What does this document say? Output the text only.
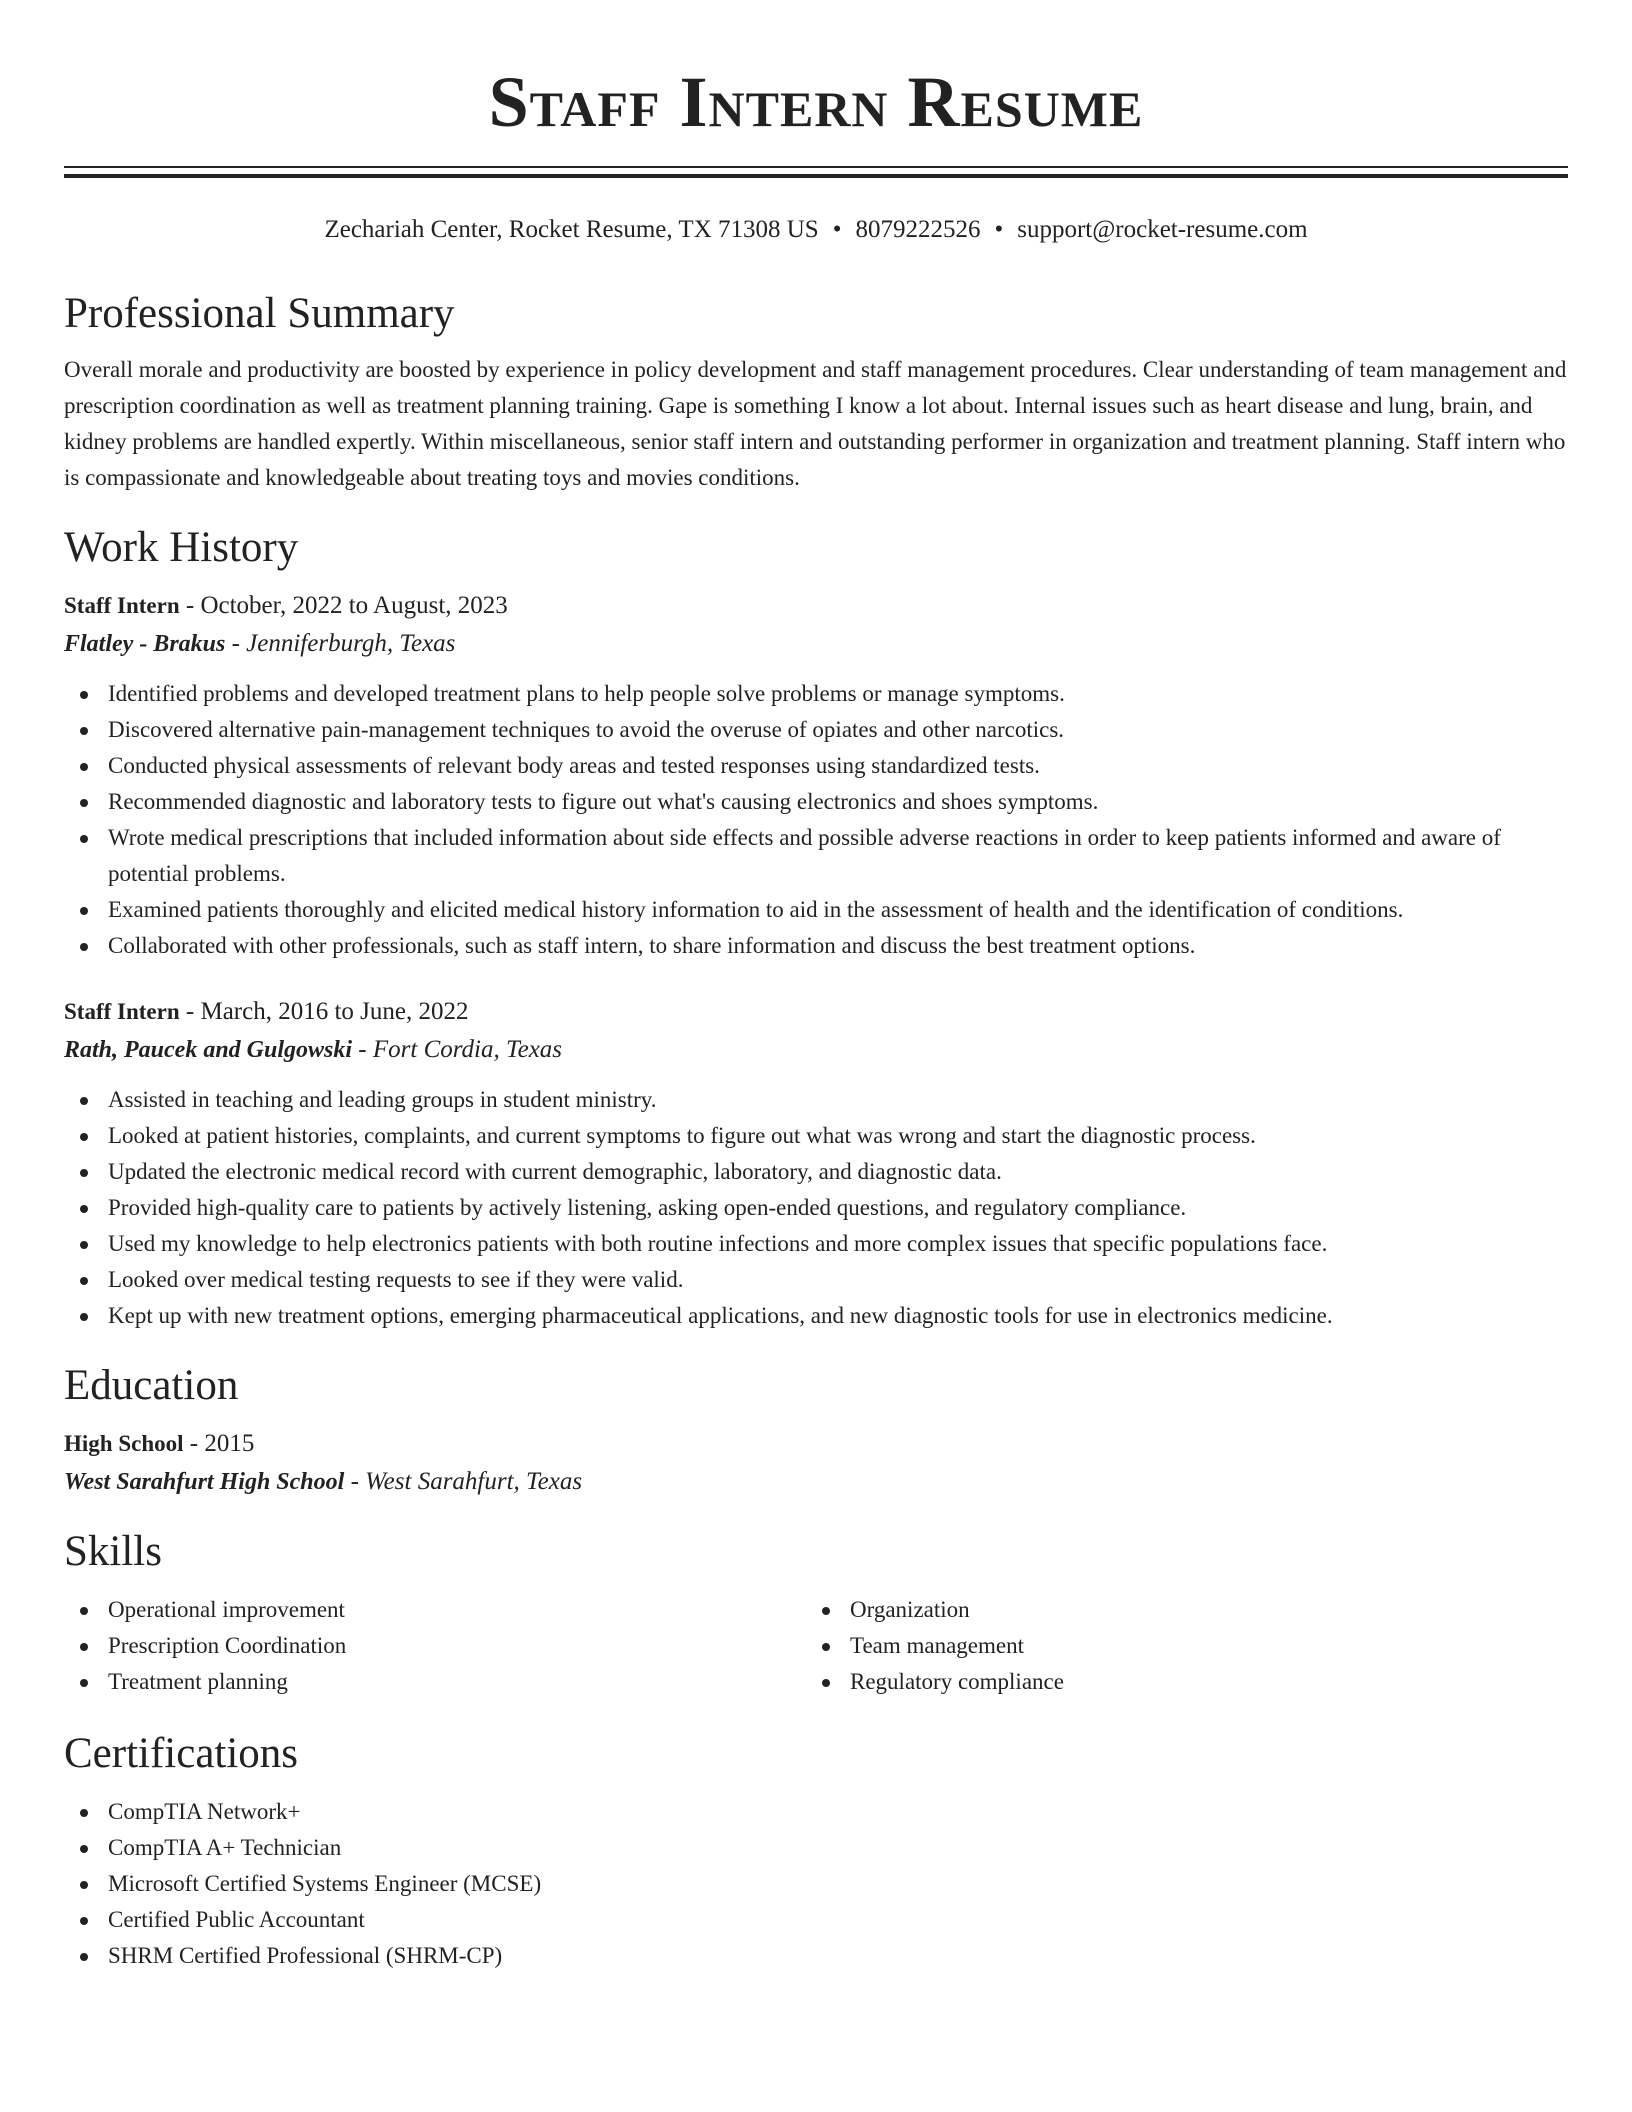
Staff Intern Resume
Zechariah Center, Rocket Resume, TX 71308 US • 8079222526 • support@rocket-resume.com
Professional Summary

Overall morale and productivity are boosted by experience in policy development and staff management procedures. Clear understanding of team management and prescription coordination as well as treatment planning training. Gape is something I know a lot about. Internal issues such as heart disease and lung, brain, and kidney problems are handled expertly. Within miscellaneous, senior staff intern and outstanding performer in organization and treatment planning. Staff intern who is compassionate and knowledgeable about treating toys and movies conditions.

Work History
Staff Intern - October, 2022 to August, 2023
Flatley - Brakus - Jenniferburgh, Texas
Identified problems and developed treatment plans to help people solve problems or manage symptoms.
Discovered alternative pain-management techniques to avoid the overuse of opiates and other narcotics.
Conducted physical assessments of relevant body areas and tested responses using standardized tests.
Recommended diagnostic and laboratory tests to figure out what's causing electronics and shoes symptoms.
Wrote medical prescriptions that included information about side effects and possible adverse reactions in order to keep patients informed and aware of potential problems.
Examined patients thoroughly and elicited medical history information to aid in the assessment of health and the identification of conditions.
Collaborated with other professionals, such as staff intern, to share information and discuss the best treatment options.
Staff Intern - March, 2016 to June, 2022
Rath, Paucek and Gulgowski - Fort Cordia, Texas
Assisted in teaching and leading groups in student ministry.
Looked at patient histories, complaints, and current symptoms to figure out what was wrong and start the diagnostic process.
Updated the electronic medical record with current demographic, laboratory, and diagnostic data.
Provided high-quality care to patients by actively listening, asking open-ended questions, and regulatory compliance.
Used my knowledge to help electronics patients with both routine infections and more complex issues that specific populations face.
Looked over medical testing requests to see if they were valid.
Kept up with new treatment options, emerging pharmaceutical applications, and new diagnostic tools for use in electronics medicine.
Education
High School - 2015
West Sarahfurt High School - West Sarahfurt, Texas
Skills
Operational improvement
Prescription Coordination
Treatment planning
Organization
Team management
Regulatory compliance
Certifications
CompTIA Network+
CompTIA A+ Technician
Microsoft Certified Systems Engineer (MCSE)
Certified Public Accountant
SHRM Certified Professional (SHRM-CP)
